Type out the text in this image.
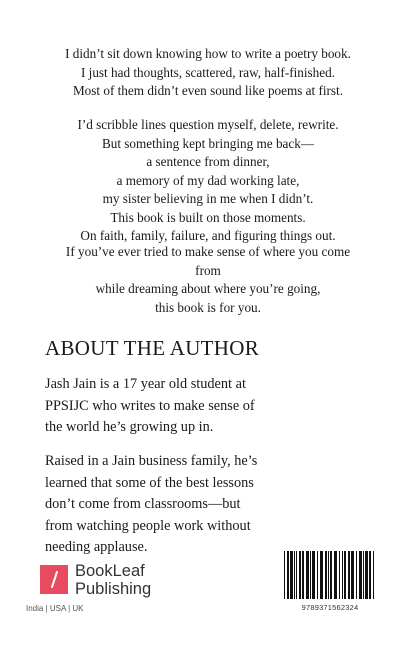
I didn’t sit down knowing how to write a poetry book.
I just had thoughts, scattered, raw, half-finished.
Most of them didn’t even sound like poems at first.
I’d scribble lines question myself, delete, rewrite.
But something kept bringing me back—
a sentence from dinner,
a memory of my dad working late,
my sister believing in me when I didn’t.
This book is built on those moments.
On faith, family, failure, and figuring things out.
If you’ve ever tried to make sense of where you come
from
while dreaming about where you’re going,
this book is for you.
ABOUT THE AUTHOR
Jash Jain is a 17 year old student at
PPSIJC who writes to make sense of
the world he’s growing up in.
Raised in a Jain business family, he’s
learned that some of the best lessons
don’t come from classrooms—but
from watching people work without
needing applause.
BookLeaf
Publishing
India | USA | UK	9789371562324
